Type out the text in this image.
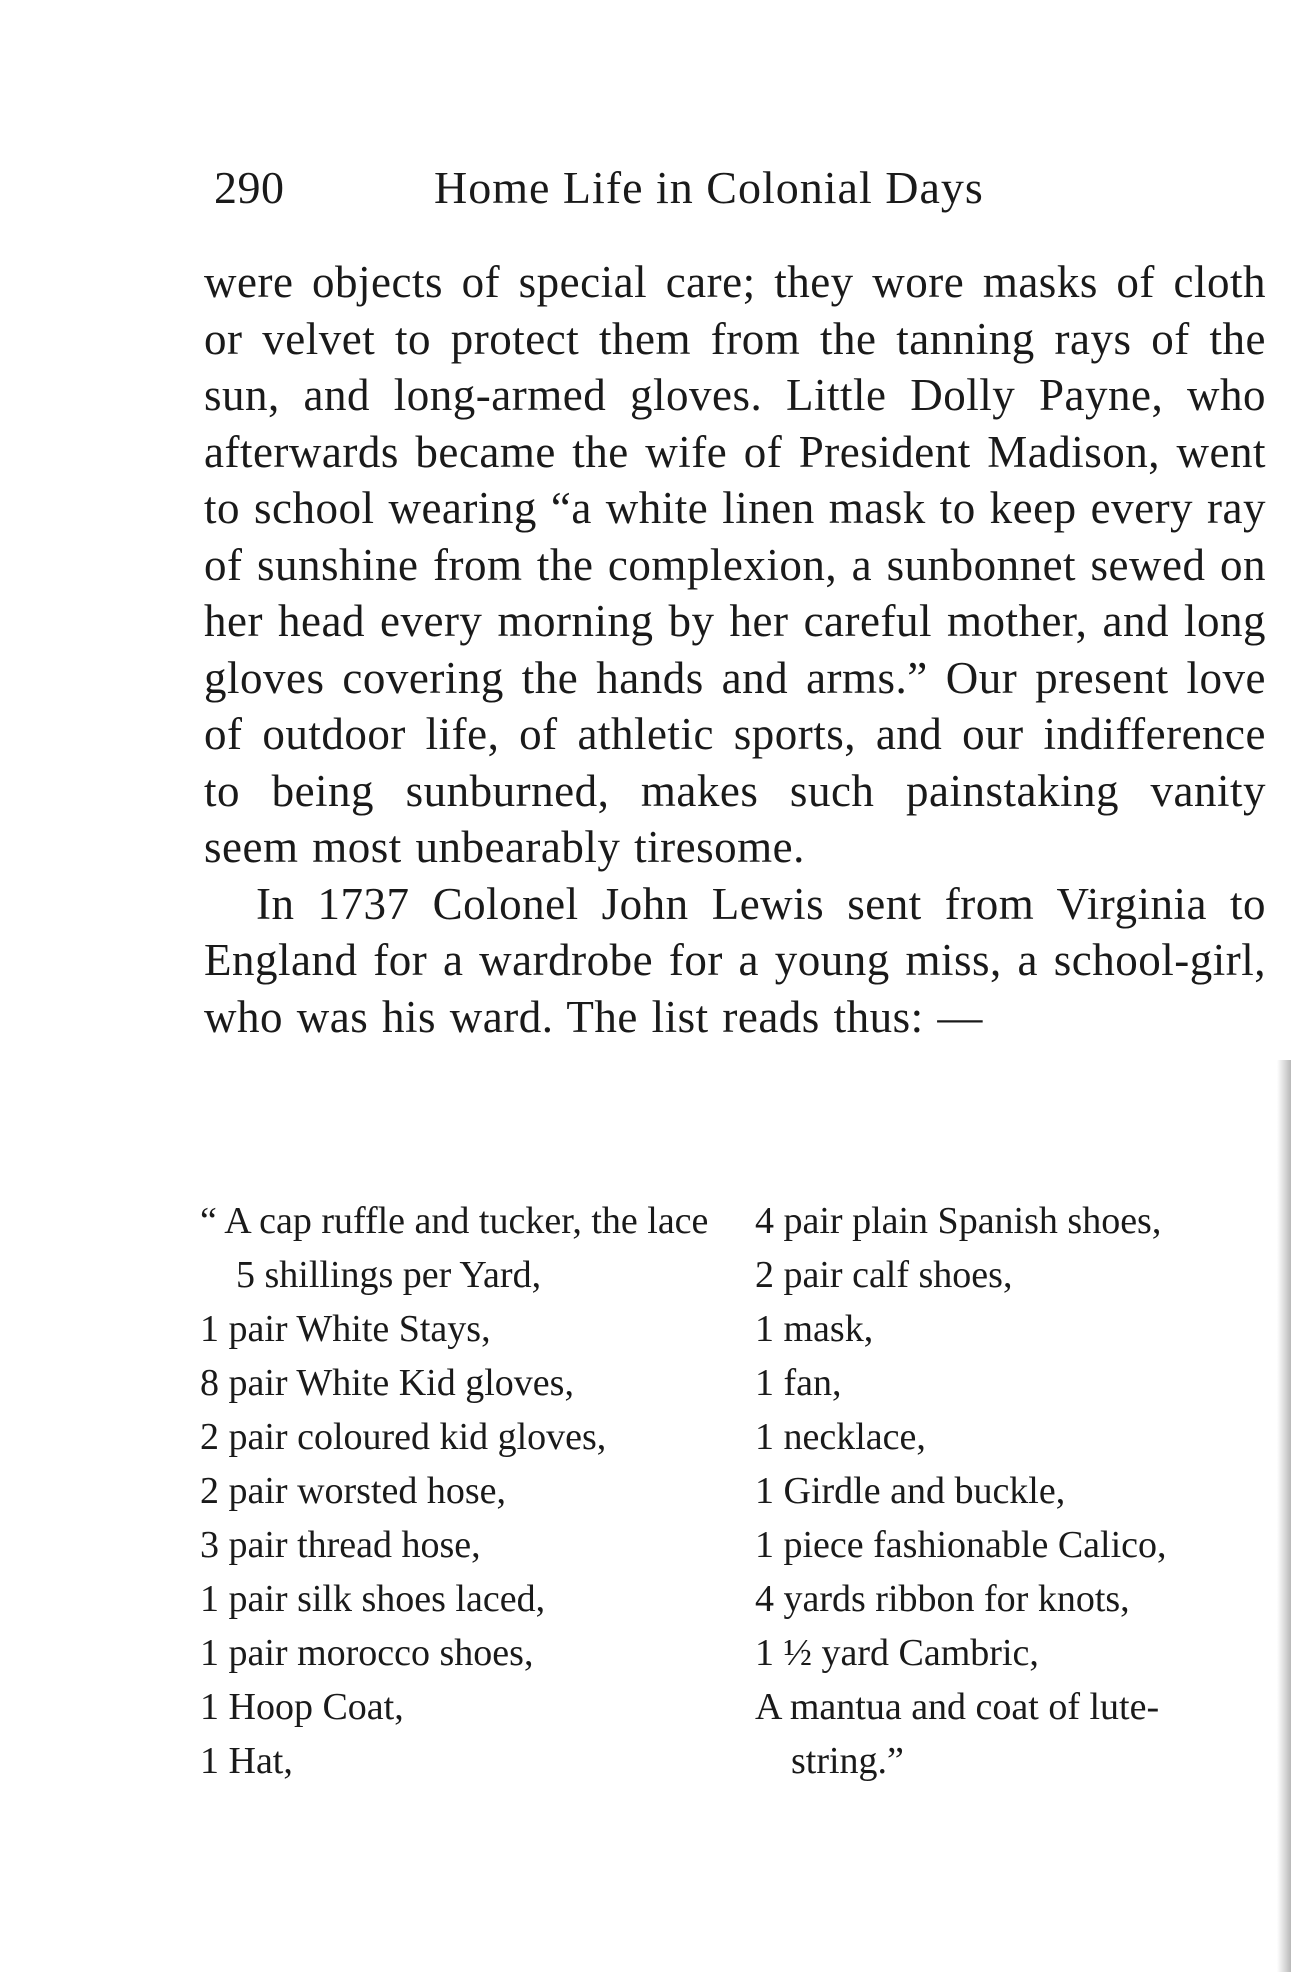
290	Home Life in Colonial Days

were objects of special care; they wore masks of cloth or velvet to protect them from the tanning rays of the sun, and long-armed gloves. Little Dolly Payne, who afterwards became the wife of President Madison, went to school wearing “a white linen mask to keep every ray of sunshine from the complexion, a sunbonnet sewed on her head every morning by her careful mother, and long gloves covering the hands and arms.” Our present love of outdoor life, of athletic sports, and our indifference to being sunburned, makes such painstaking vanity seem most unbearably tiresome.

In 1737 Colonel John Lewis sent from Virginia to England for a wardrobe for a young miss, a school-girl, who was his ward. The list reads thus: —

“ A cap ruffle and tucker, the lace 5 shillings per Yard,
1 pair White Stays,
8 pair White Kid gloves,
2 pair coloured kid gloves,
2 pair worsted hose,
3 pair thread hose,
1 pair silk shoes laced,
1 pair morocco shoes,
1 Hoop Coat,
1 Hat,
4 pair plain Spanish shoes,
2 pair calf shoes,
1 mask,
1 fan,
1 necklace,
1 Girdle and buckle,
1 piece fashionable Calico,
4 yards ribbon for knots,
1 ½ yard Cambric,
A mantua and coat of lute-string.”
